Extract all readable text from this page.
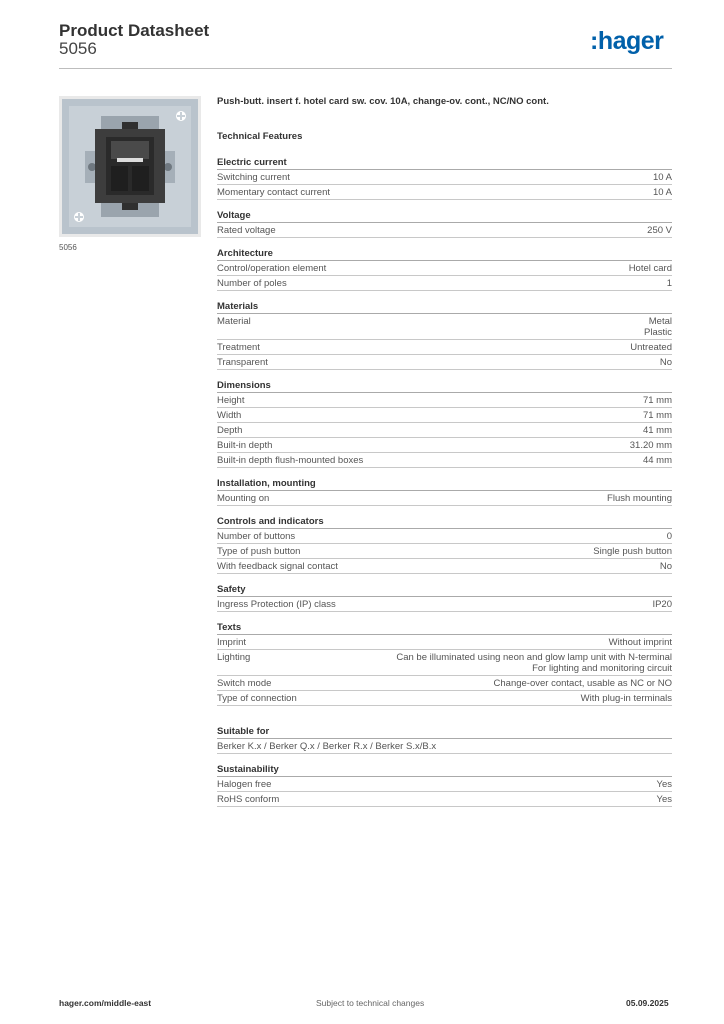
Product Datasheet
5056	:hager
5056
Push-butt. insert f. hotel card sw. cov. 10A, change-ov. cont., NC/NO cont.
Technical Features
Electric current
Switching current	10 A
Momentary contact current	10 A
Voltage
Rated voltage	250 V
Architecture
Control/operation element	Hotel card
Number of poles	1
Materials
Material	Metal
Plastic
Treatment	Untreated
Transparent	No
Dimensions
Height	71 mm
Width	71 mm
Depth	41 mm
Built-in depth	31.20 mm
Built-in depth flush-mounted boxes	44 mm
Installation, mounting
Mounting on	Flush mounting
Controls and indicators
Number of buttons	0
Type of push button	Single push button
With feedback signal contact	No
Safety
Ingress Protection (IP) class	IP20
Texts
Imprint	Without imprint
Lighting	Can be illuminated using neon and glow lamp unit with N-terminal
For lighting and monitoring circuit
Switch mode	Change-over contact, usable as NC or NO
Type of connection	With plug-in terminals
Suitable for
Berker K.x / Berker Q.x / Berker R.x / Berker S.x/B.x
Sustainability
Halogen free	Yes
RoHS conform	Yes
hager.com/middle-east	Subject to technical changes	05.09.2025
